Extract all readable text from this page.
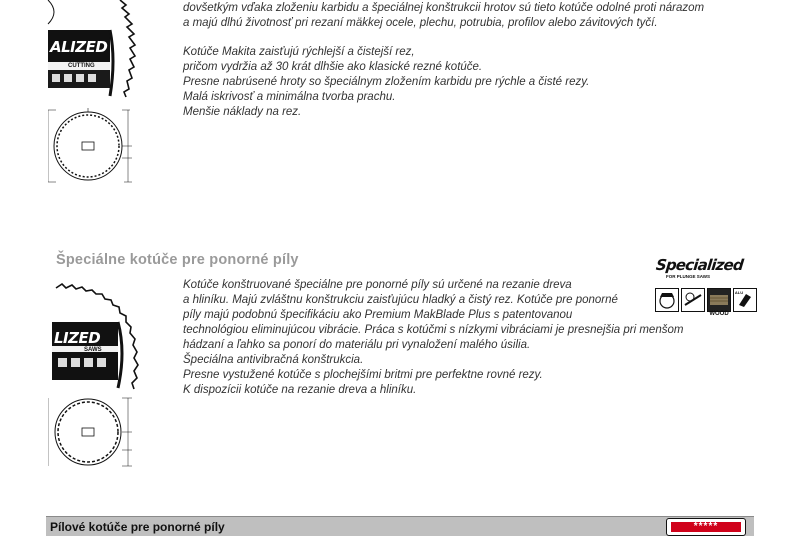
ALIZED
CUTTING
dovšetkým vďaka zloženiu karbidu a špeciálnej konštrukcii hrotov sú tieto kotúče odolné proti nárazom
a majú dlhú životnosť pri rezaní mäkkej ocele, plechu, potrubia, profilov alebo závitových tyčí.
Kotúče Makita zaisťujú rýchlejší a čistejší rez,
pričom vydržia až 30 krát dlhšie ako klasické rezné kotúče.
Presne nabrúsené hroty so špeciálnym zložením karbidu pre rýchle a čisté rezy.
Malá iskrivosť a minimálna tvorba prachu.
Menšie náklady na rez.
Špeciálne kotúče pre ponorné píly
LIZED
SAWS
Kotúče konštruované špeciálne pre ponorné píly sú určené na rezanie dreva
a hliníku. Majú zvláštnu konštrukciu zaisťujúcu hladký a čistý rez. Kotúče pre ponorné
píly majú podobnú špecifikáciu ako Premium MakBlade Plus s patentovanou
technológiou eliminujúcou vibrácie. Práca s kotúčmi s nízkymi vibráciami je presnejšia pri menšom
hádzaní a ľahko sa ponorí do materiálu pri vynaložení malého úsilia.
Špeciálna antivibračná konštrukcia.
Presne vystužené kotúče s plochejšími britmi pre perfektne rovné rezy.
K dispozícii kotúče na rezanie dreva a hliníku.
Specialized
FOR PLUNGE SAWS
WOOD
ALU
Pílové kotúče pre ponorné píly	*****
